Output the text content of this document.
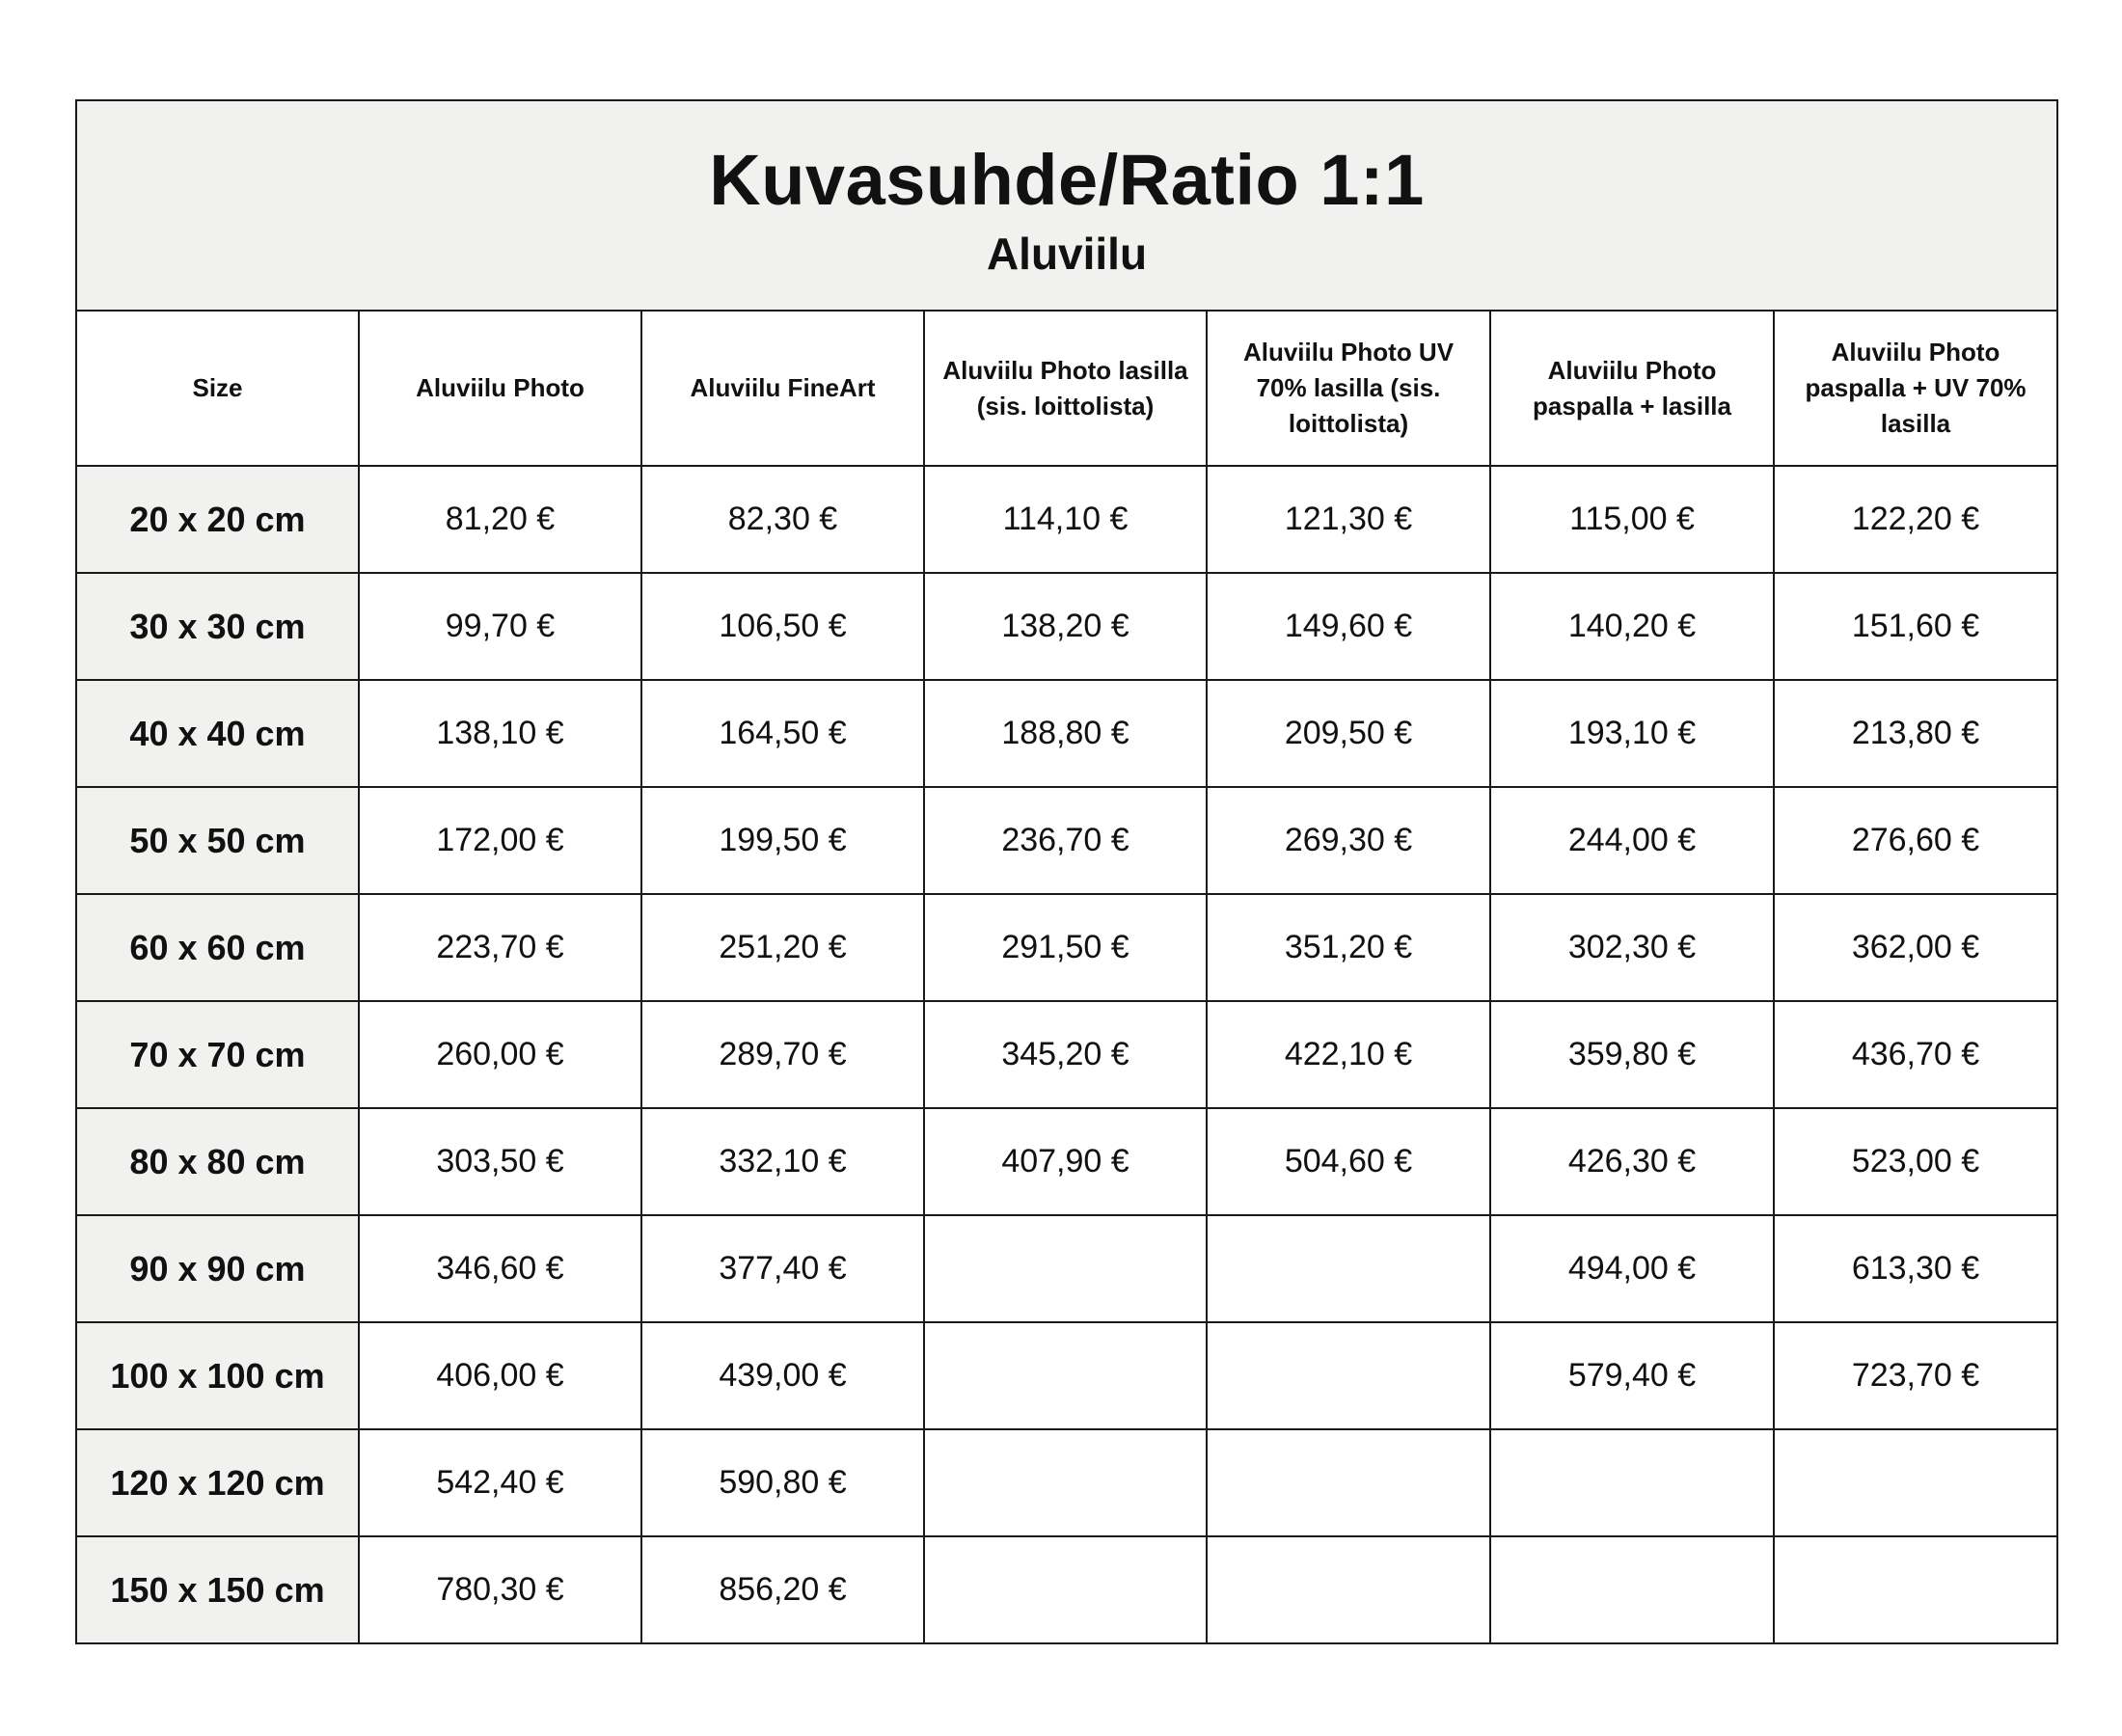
Kuvasuhde/Ratio 1:1
Aluviilu						

Size	Aluviilu Photo	Aluviilu FineArt	Aluviilu Photo lasilla (sis. loittolista)	Aluviilu Photo UV 70% lasilla (sis. loittolista)	Aluviilu Photo paspalla + lasilla	Aluviilu Photo paspalla + UV 70% lasilla
20 x 20 cm	81,20 €	82,30 €	114,10 €	121,30 €	115,00 €	122,20 €
30 x 30 cm	99,70 €	106,50 €	138,20 €	149,60 €	140,20 €	151,60 €
40 x 40 cm	138,10 €	164,50 €	188,80 €	209,50 €	193,10 €	213,80 €
50 x 50 cm	172,00 €	199,50 €	236,70 €	269,30 €	244,00 €	276,60 €
60 x 60 cm	223,70 €	251,20 €	291,50 €	351,20 €	302,30 €	362,00 €
70 x 70 cm	260,00 €	289,70 €	345,20 €	422,10 €	359,80 €	436,70 €
80 x 80 cm	303,50 €	332,10 €	407,90 €	504,60 €	426,30 €	523,00 €
90 x 90 cm	346,60 €	377,40 €			494,00 €	613,30 €
100 x 100 cm	406,00 €	439,00 €			579,40 €	723,70 €
120 x 120 cm	542,40 €	590,80 €				
150 x 150 cm	780,30 €	856,20 €				
